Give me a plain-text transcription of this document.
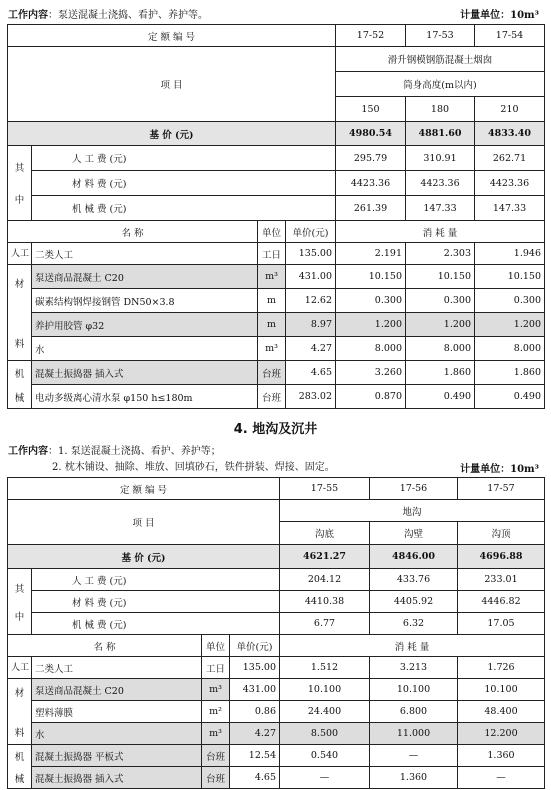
工作内容：泵送混凝土浇捣、看护、养护等。	计量单位：10m³
定 额 编 号				17-52	17-53	17-54
项 目				滑升钢模钢筋混凝土烟囱		
				筒身高度(m以内)		
				150	180	210
基 价 (元)				4980.54	4881.60	4833.40

其
中	人 工 费 (元)			295.79	310.91	262.71
	材 料 费 (元)			4423.36	4423.36	4423.36
	机 械 费 (元)			261.39	147.33	147.33
名 称		单位	单价(元)	消 耗 量		
人工	二类人工	工日	135.00	2.191	2.303	1.946

材
料	泵送商品混凝土 C20	m³	431.00	10.150	10.150	10.150
	碳素结构钢焊接钢管 DN50×3.8	m	12.62	0.300	0.300	0.300
	养护用胶管 φ32	m	8.97	1.200	1.200	1.200
	水	m³	4.27	8.000	8.000	8.000

机
械	混凝土振捣器 插入式	台班	4.65	3.260	1.860	1.860
	电动多级离心清水泵 φ150 h≤180m	台班	283.02	0.870	0.490	0.490
4. 地沟及沉井
工作内容：1. 泵送混凝土浇捣、看护、养护等；
2. 枕木铺设、抽除、堆放、回填砂石，铁件拼装、焊接、固定。	计量单位：10m³
定 额 编 号				17-55	17-56	17-57
项 目				地沟		
				沟底	沟壁	沟顶
基 价 (元)				4621.27	4846.00	4696.88

其
中	人 工 费 (元)			204.12	433.76	233.01
	材 料 费 (元)			4410.38	4405.92	4446.82
	机 械 费 (元)			6.77	6.32	17.05
名 称		单位	单价(元)	消 耗 量		
人工	二类人工	工日	135.00	1.512	3.213	1.726

材
料	泵送商品混凝土 C20	m³	431.00	10.100	10.100	10.100
	塑料薄膜	m²	0.86	24.400	6.800	48.400
	水	m³	4.27	8.500	11.000	12.200

机
械	混凝土振捣器 平板式	台班	12.54	0.540	—	1.360
	混凝土振捣器 插入式	台班	4.65	—	1.360	—
